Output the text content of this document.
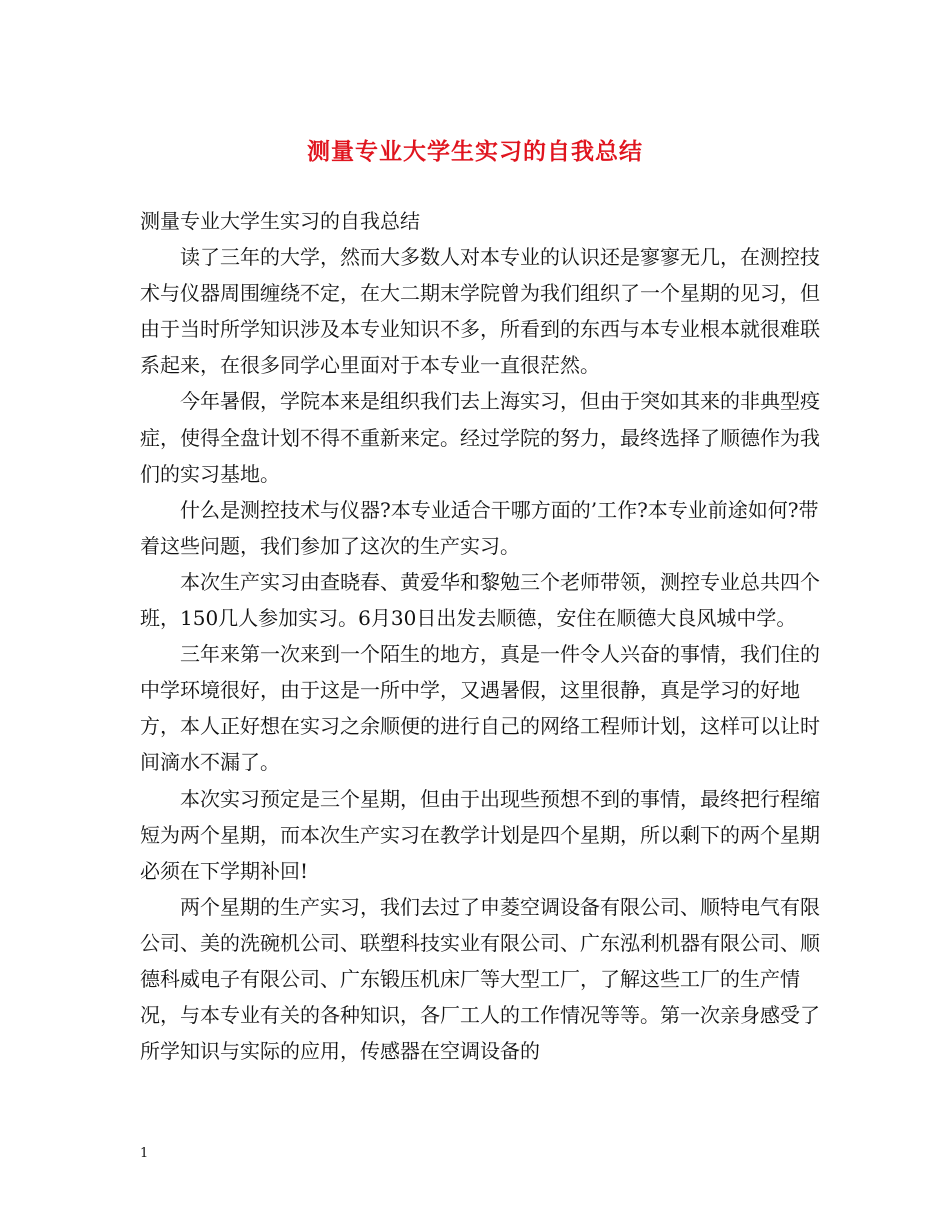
测量专业大学生实习的自我总结

测量专业大学生实习的自我总结

读了三年的大学，然而大多数人对本专业的认识还是寥寥无几，在测控技术与仪器周围缠绕不定，在大二期末学院曾为我们组织了一个星期的见习，但由于当时所学知识涉及本专业知识不多，所看到的东西与本专业根本就很难联系起来，在很多同学心里面对于本专业一直很茫然。

今年暑假，学院本来是组织我们去上海实习，但由于突如其来的非典型疫症，使得全盘计划不得不重新来定。经过学院的努力，最终选择了顺德作为我们的实习基地。

什么是测控技术与仪器?本专业适合干哪方面的’工作?本专业前途如何?带着这些问题，我们参加了这次的生产实习。

本次生产实习由查晓春、黄爱华和黎勉三个老师带领，测控专业总共四个班，150几人参加实习。6月30日出发去顺德，安住在顺德大良风城中学。

三年来第一次来到一个陌生的地方，真是一件令人兴奋的事情，我们住的中学环境很好，由于这是一所中学，又遇暑假，这里很静，真是学习的好地方，本人正好想在实习之余顺便的进行自己的网络工程师计划，这样可以让时间滴水不漏了。

本次实习预定是三个星期，但由于出现些预想不到的事情，最终把行程缩短为两个星期，而本次生产实习在教学计划是四个星期，所以剩下的两个星期必须在下学期补回!

两个星期的生产实习，我们去过了申菱空调设备有限公司、顺特电气有限公司、美的洗碗机公司、联塑科技实业有限公司、广东泓利机器有限公司、顺德科威电子有限公司、广东锻压机床厂等大型工厂，了解这些工厂的生产情况，与本专业有关的各种知识，各厂工人的工作情况等等。第一次亲身感受了所学知识与实际的应用，传感器在空调设备的

1
